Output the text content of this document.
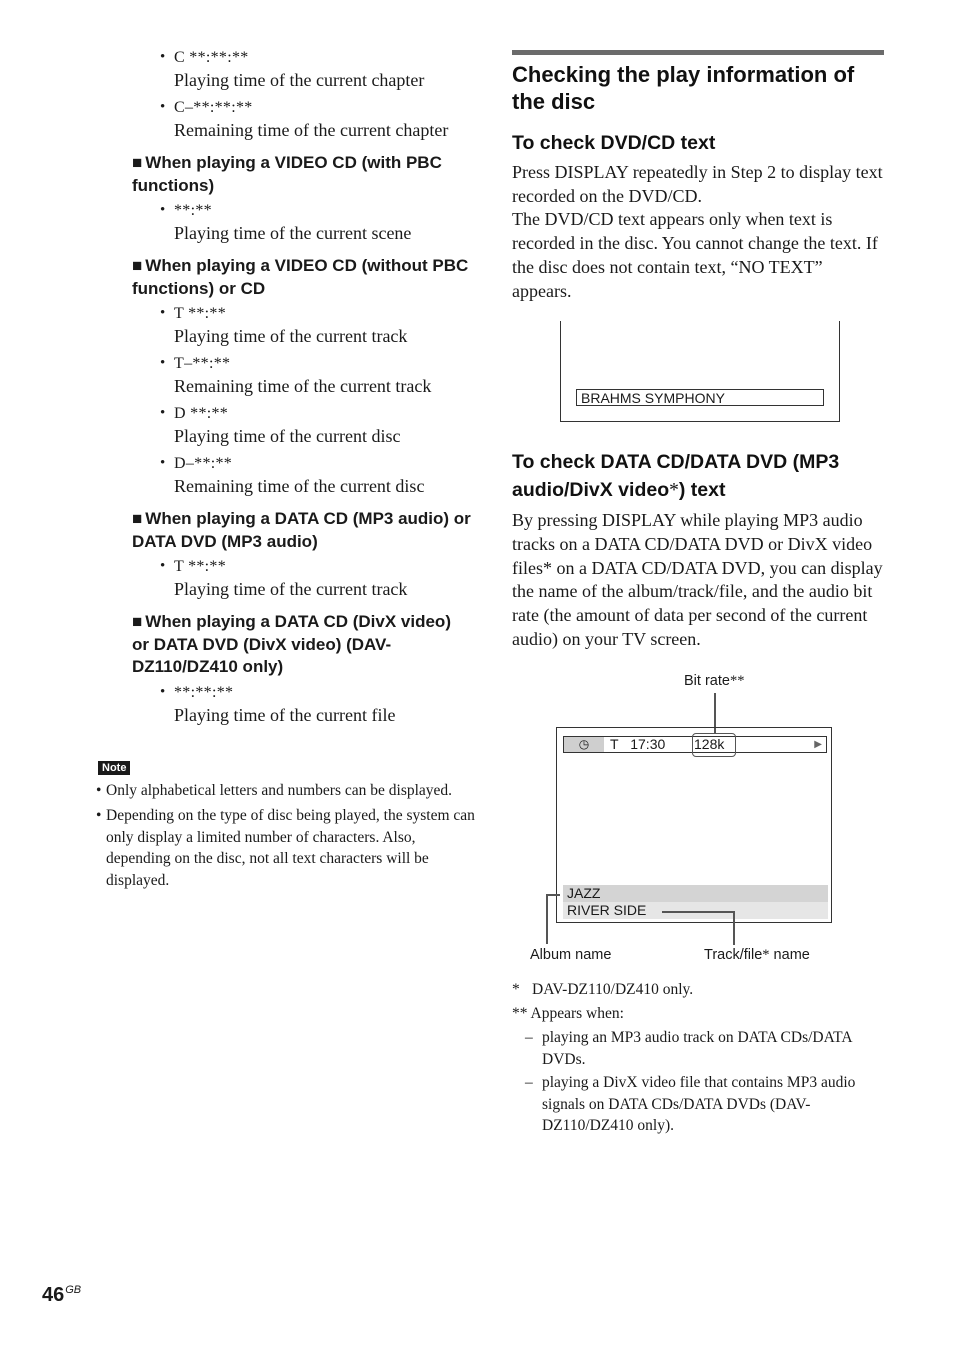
• C **:**:**
Playing time of the current chapter
• C–**:**:**
Remaining time of the current chapter
■ When playing a VIDEO CD (with PBC functions)
• **:**
Playing time of the current scene
■ When playing a VIDEO CD (without PBC functions) or CD
• T **:**
Playing time of the current track
• T–**:**
Remaining time of the current track
• D **:**
Playing time of the current disc
• D–**:**
Remaining time of the current disc
■ When playing a DATA CD (MP3 audio) or DATA DVD (MP3 audio)
• T **:**
Playing time of the current track
■ When playing a DATA CD (DivX video) or DATA DVD (DivX video) (DAV-DZ110/DZ410 only)
• **:**:**
Playing time of the current file
Note
• Only alphabetical letters and numbers can be displayed.
• Depending on the type of disc being played, the system can only display a limited number of characters. Also, depending on the disc, not all text characters will be displayed.
Checking the play information of the disc
To check DVD/CD text

Press DISPLAY repeatedly in Step 2 to display text recorded on the DVD/CD.

The DVD/CD text appears only when text is recorded in the disc. You cannot change the text. If the disc does not contain text, “NO TEXT” appears.

BRAHMS SYMPHONY
To check DATA CD/DATA DVD (MP3 audio/DivX video*) text

By pressing DISPLAY while playing MP3 audio tracks on a DATA CD/DATA DVD or DivX video files* on a DATA CD/DATA DVD, you can display the name of the album/track/file, and the audio bit rate (the amount of data per second of the current audio) on your TV screen.

Bit rate**
◷	T 17:30 128k	▶
JAZZ
RIVER SIDE
Album name	Track/file* name
* DAV-DZ110/DZ410 only.
** Appears when:
– playing an MP3 audio track on DATA CDs/DATA DVDs.
– playing a DivX video file that contains MP3 audio signals on DATA CDs/DATA DVDs (DAV-DZ110/DZ410 only).
$46^{GB}$
